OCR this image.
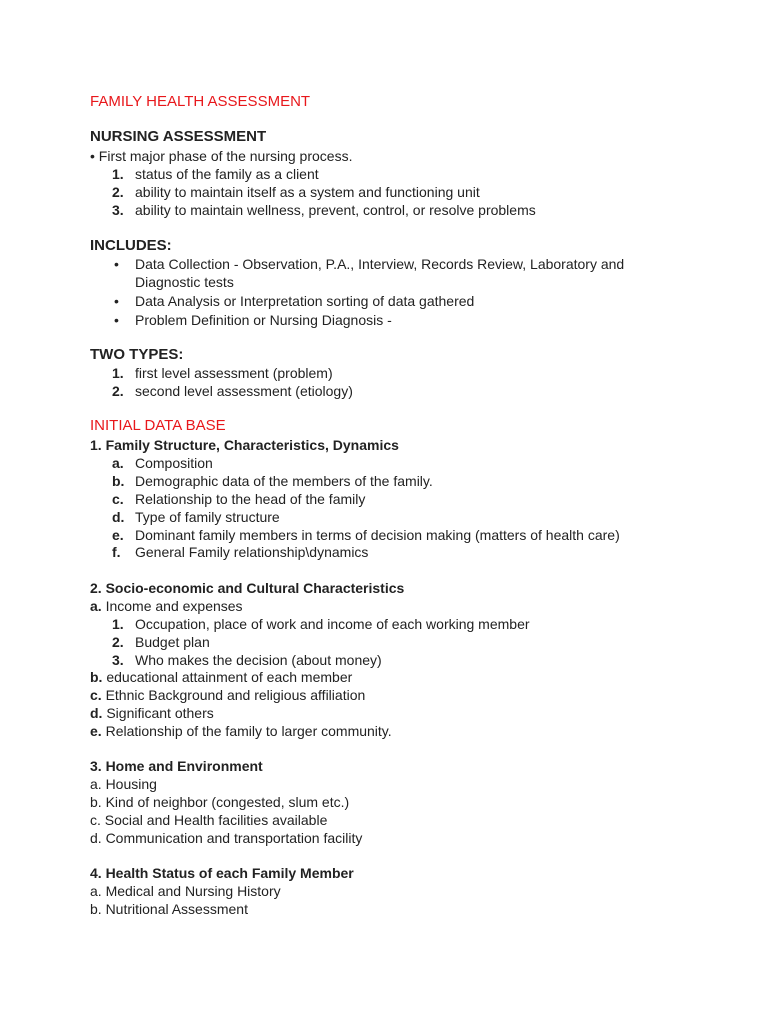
FAMILY HEALTH ASSESSMENT
NURSING ASSESSMENT
• First major phase of the nursing process.
1. status of the family as a client
2. ability to maintain itself as a system and functioning unit
3. ability to maintain wellness, prevent, control, or resolve problems
INCLUDES:
• Data Collection - Observation, P.A., Interview, Records Review, Laboratory and
Diagnostic tests
• Data Analysis or Interpretation sorting of data gathered
• Problem Definition or Nursing Diagnosis -
TWO TYPES:
1. first level assessment (problem)
2. second level assessment (etiology)
INITIAL DATA BASE
1. Family Structure, Characteristics, Dynamics
a. Composition
b. Demographic data of the members of the family.
c. Relationship to the head of the family
d. Type of family structure
e. Dominant family members in terms of decision making (matters of health care)
f. General Family relationship\dynamics
2. Socio-economic and Cultural Characteristics
a. Income and expenses
1. Occupation, place of work and income of each working member
2. Budget plan
3. Who makes the decision (about money)
b. educational attainment of each member
c. Ethnic Background and religious affiliation
d. Significant others
e. Relationship of the family to larger community.
3. Home and Environment
a. Housing
b. Kind of neighbor (congested, slum etc.)
c. Social and Health facilities available
d. Communication and transportation facility
4. Health Status of each Family Member
a. Medical and Nursing History
b. Nutritional Assessment
